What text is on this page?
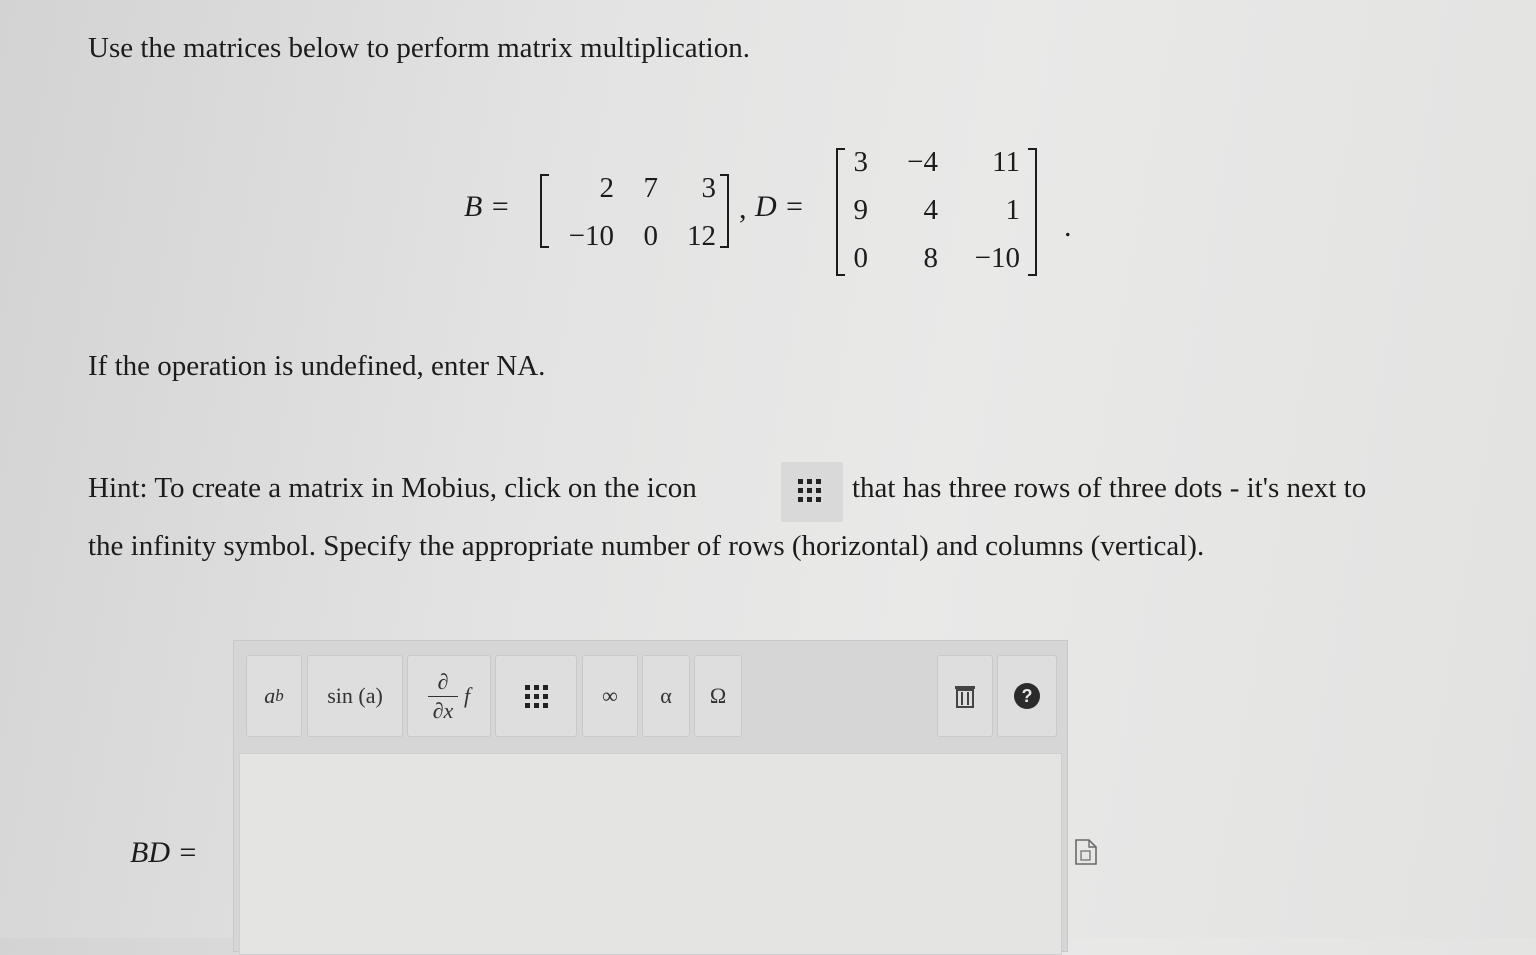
Use the matrices below to perform matrix multiplication.
B =
2	7	3
−10	0	12
, D =
3	−4	11
9	4	1
0	8	−10
.
If the operation is undefined, enter NA.
Hint: To create a matrix in Mobius, click on the icon	that has three rows of three dots - it's next to
the infinity symbol. Specify the appropriate number of rows (horizontal) and columns (vertical).
BD =
a b $\sin (a) \frac{\partial}{\partial x}$ f	∞ α Ω	?
